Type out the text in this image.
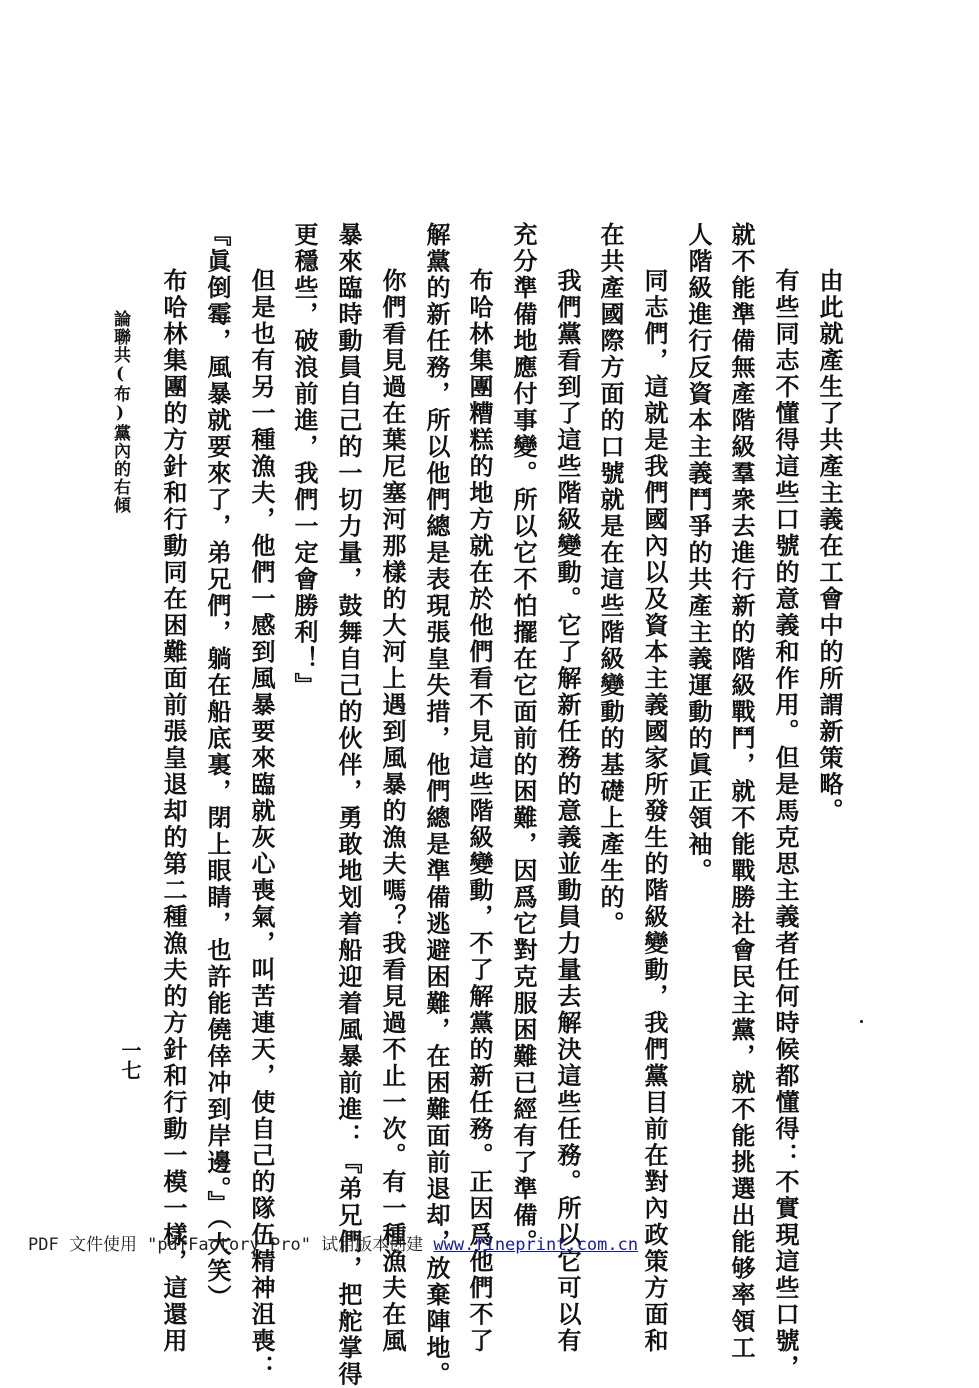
由此就產生了共產主義在工會中的所謂新策略。
有些同志不懂得這些口號的意義和作用。但是馬克思主義者任何時候都懂得：不實現這些口號，
就不能準備無產階級羣衆去進行新的階級戰鬥，就不能戰勝社會民主黨，就不能挑選出能够率領工
人階級進行反資本主義鬥爭的共產主義運動的眞正領袖。
同志們，這就是我們國內以及資本主義國家所發生的階級變動，我們黨目前在對內政策方面和
在共產國際方面的口號就是在這些階級變動的基礎上產生的。
我們黨看到了這些階級變動。它了解新任務的意義並動員力量去解決這些任務。所以它可以有
充分準備地應付事變。所以它不怕擺在它面前的困難，因爲它對克服困難已經有了準備。
布哈林集團糟糕的地方就在於他們看不見這些階級變動，不了解黨的新任務。正因爲他們不了
解黨的新任務，所以他們總是表現張皇失措，他們總是準備逃避困難，在困難面前退却，放棄陣地。
你們看見過在葉尼塞河那樣的大河上遇到風暴的漁夫嗎？我看見過不止一次。有一種漁夫在風
暴來臨時動員自己的一切力量，鼓舞自己的伙伴，勇敢地划着船迎着風暴前進：『弟兄們，把舵掌得
更穩些，破浪前進，我們一定會勝利！』
但是也有另一種漁夫，他們一感到風暴要來臨就灰心喪氣，叫苦連天，使自己的隊伍精神沮喪：
『眞倒霉，風暴就要來了，弟兄們，躺在船底裏，閉上眼睛，也許能僥倖冲到岸邊。』（大笑）
布哈林集團的方針和行動同在困難面前張皇退却的第二種漁夫的方針和行動一模一樣，這還用
論聯共(布)黨內的右傾
一七
PDF 文件使用 "pdfFactory Pro" 试用版本创建 www.fineprint.com.cn
